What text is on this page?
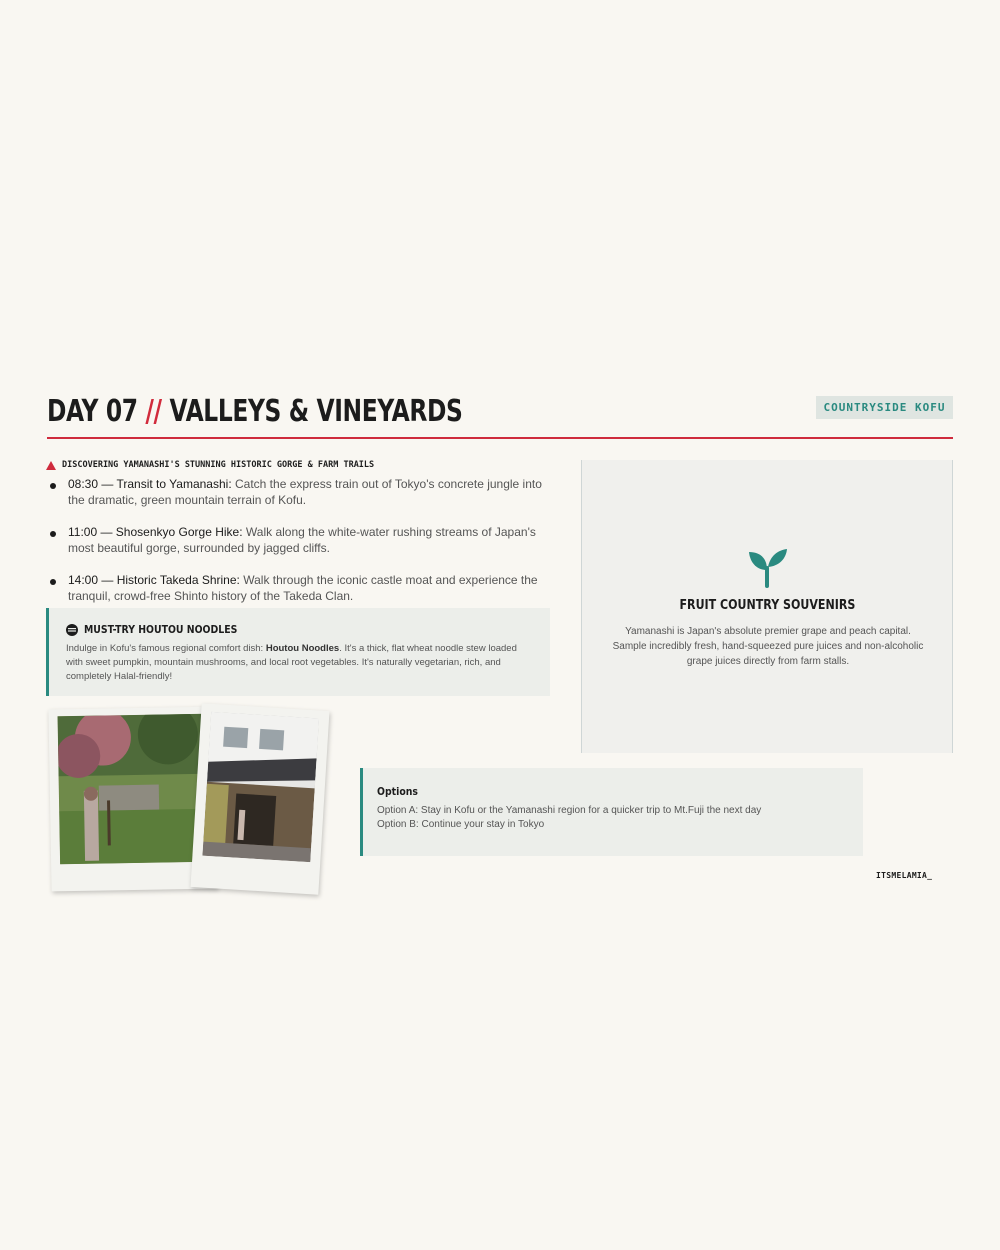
DAY 07 // VALLEYS & VINEYARDS	COUNTRYSIDE KOFU
DISCOVERING YAMANASHI'S STUNNING HISTORIC GORGE & FARM TRAILS
08:30 — Transit to Yamanashi: Catch the express train out of Tokyo's concrete jungle into the dramatic, green mountain terrain of Kofu.
11:00 — Shosenkyo Gorge Hike: Walk along the white-water rushing streams of Japan's most beautiful gorge, surrounded by jagged cliffs.
14:00 — Historic Takeda Shrine: Walk through the iconic castle moat and experience the tranquil, crowd-free Shinto history of the Takeda Clan.
MUST-TRY HOUTOU NOODLES
Indulge in Kofu's famous regional comfort dish: Houtou Noodles. It's a thick, flat wheat noodle stew loaded with sweet pumpkin, mountain mushrooms, and local root vegetables. It's naturally vegetarian, rich, and completely Halal-friendly!
FRUIT COUNTRY SOUVENIRS
Yamanashi is Japan's absolute premier grape and peach capital. Sample incredibly fresh, hand-squeezed pure juices and non-alcoholic grape juices directly from farm stalls.
Options
Option A: Stay in Kofu or the Yamanashi region for a quicker trip to Mt.Fuji the next day
Option B: Continue your stay in Tokyo
ITSMELAMIA_
